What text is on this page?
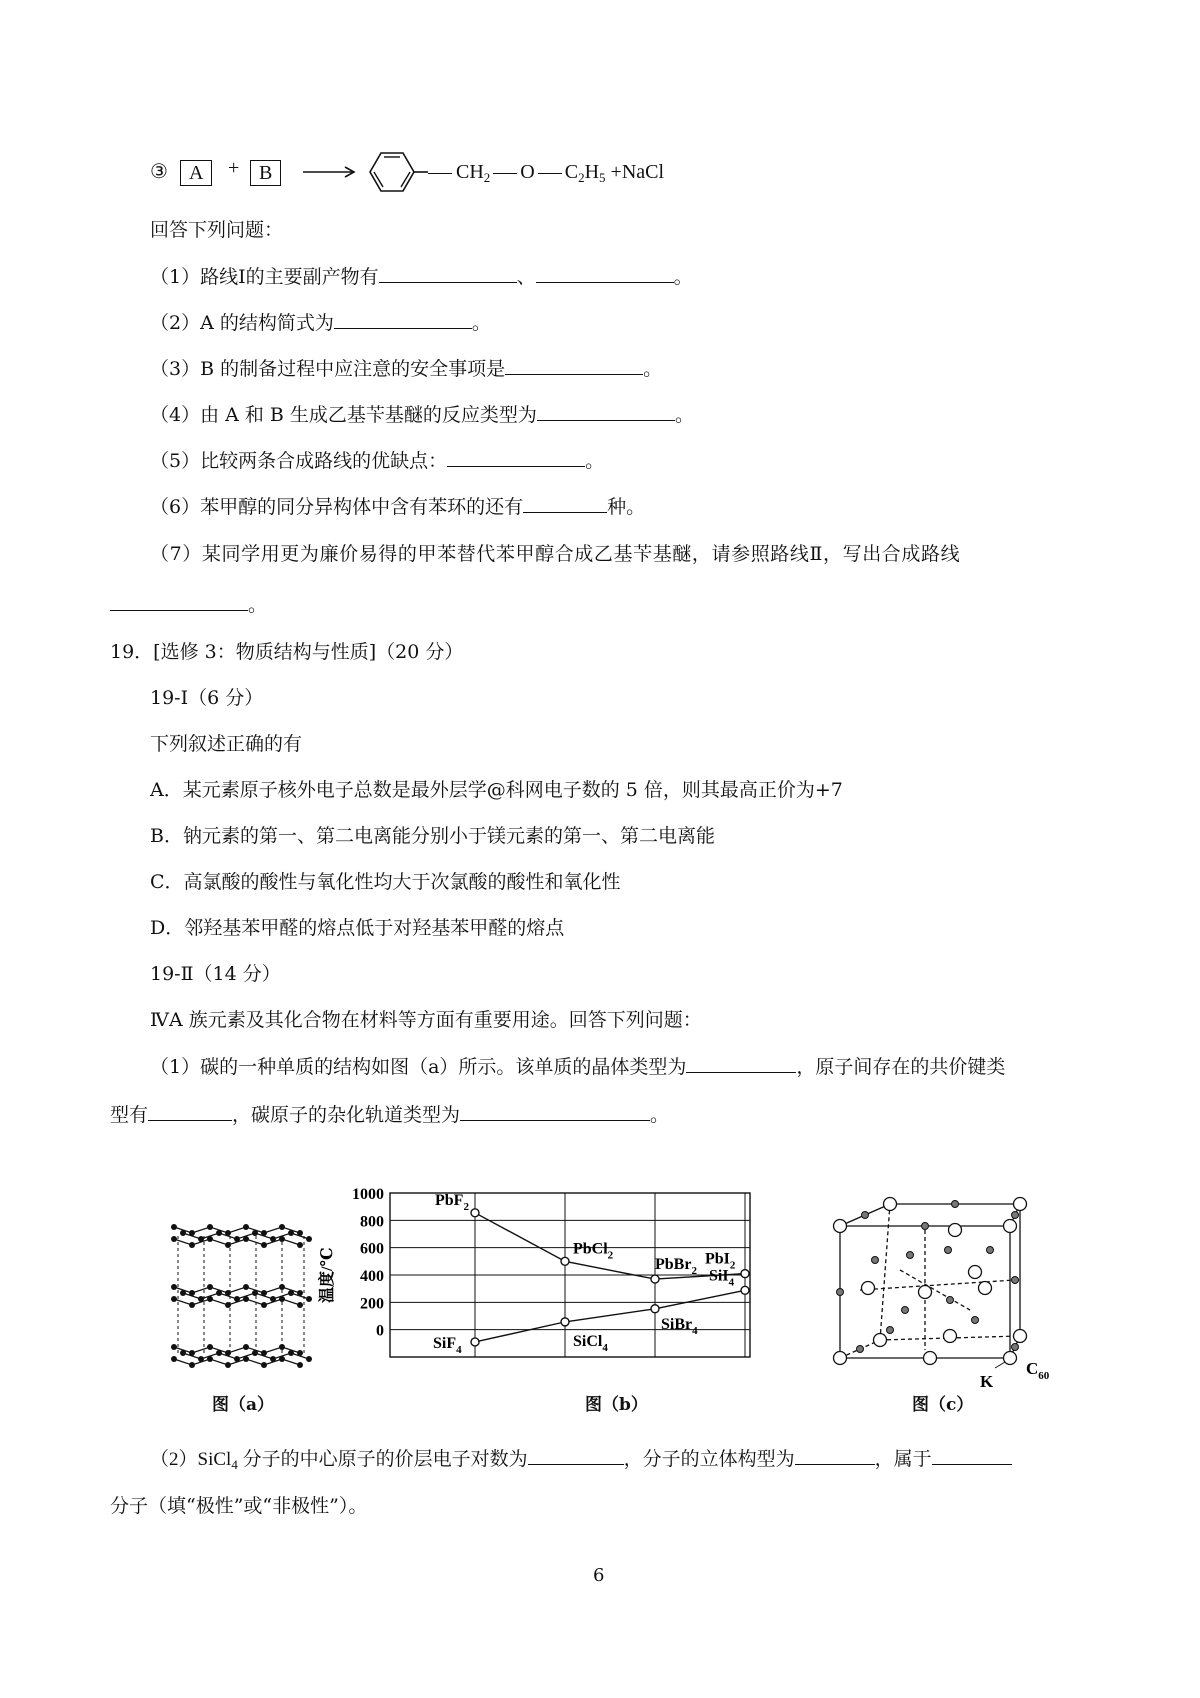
③	A	+ B	$CH_2$ O $C_2H_5$ +NaCl
回答下列问题：
（1）路线Ⅰ的主要副产物有	、	。
（2）A 的结构简式为	。
（3）B 的制备过程中应注意的安全事项是	。
（4）由 A 和 B 生成乙基苄基醚的反应类型为	。
（5）比较两条合成路线的优缺点：	。
（6）苯甲醇的同分异构体中含有苯环的还有	种。
（7）某同学用更为廉价易得的甲苯替代苯甲醇合成乙基苄基醚，请参照路线Ⅱ，写出合成路线
。
19．[选修 3：物质结构与性质]（20 分）
19-Ⅰ（6 分）
下列叙述正确的有
A．某元素原子核外电子总数是最外层学@科网电子数的 5 倍，则其最高正价为+7
B．钠元素的第一、第二电离能分别小于镁元素的第一、第二电离能
C．高氯酸的酸性与氧化性均大于次氯酸的酸性和氧化性
D．邻羟基苯甲醛的熔点低于对羟基苯甲醛的熔点
19-Ⅱ（14 分）
ⅣA 族元素及其化合物在材料等方面有重要用途。回答下列问题：
（1）碳的一种单质的结构如图（a）所示。该单质的晶体类型为	，原子间存在的共价键类
型有	，碳原子的杂化轨道类型为	。
图（a）
1000
800
600
400
200
0
温度/℃
PbF$_2$
PbCl$_2$
PbBr$_2$
PbI$_2$
SiF$_4$
SiCl$_4$
SiBr$_4$
SiI$_4$
图（b）
K
$C_{60}$
图（c）
（2）SiCl$_4$ 分子的中心原子的价层电子对数为	，分子的立体构型为	，属于
分子（填“极性”或“非极性”）。
6
